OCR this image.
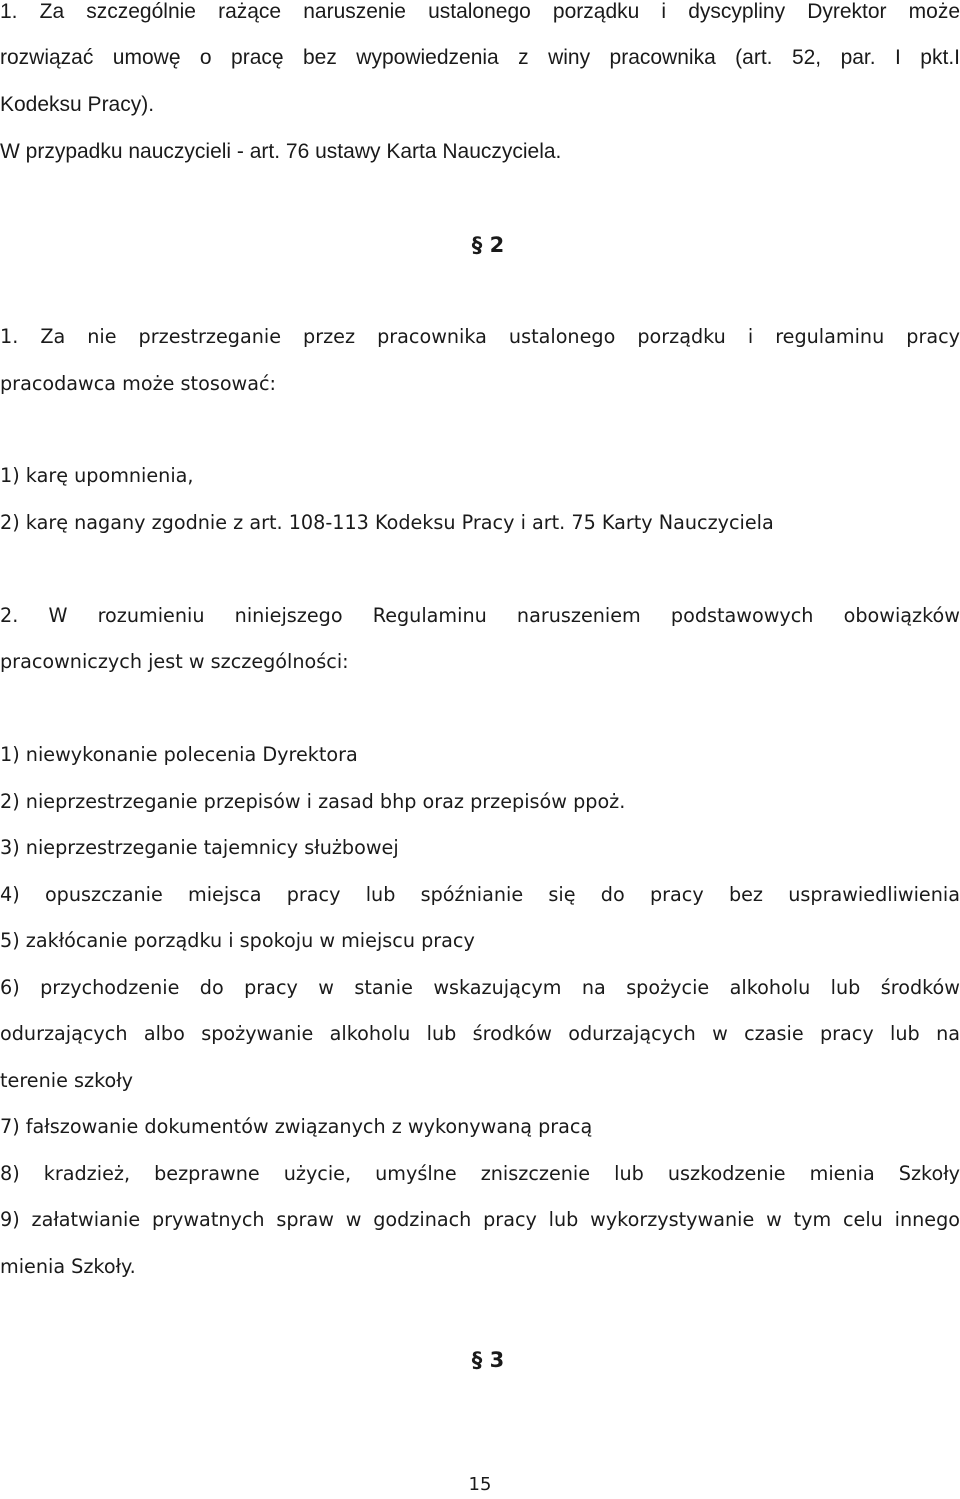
1. Za szczególnie rażące naruszenie ustalonego porządku i dyscypliny Dyrektor może
rozwiązać umowę o pracę bez wypowiedzenia z winy pracownika (art. 52, par. I pkt.I
Kodeksu Pracy).
W przypadku nauczycieli - art. 76 ustawy Karta Nauczyciela.
§ 2
1. Za nie przestrzeganie przez pracownika ustalonego porządku i regulaminu pracy
pracodawca może stosować:
1) karę upomnienia,
2) karę nagany zgodnie z art. 108-113 Kodeksu Pracy i art. 75 Karty Nauczyciela
2. W rozumieniu niniejszego Regulaminu naruszeniem podstawowych obowiązków
pracowniczych jest w szczególności:
1) niewykonanie polecenia Dyrektora
2) nieprzestrzeganie przepisów i zasad bhp oraz przepisów ppoż.
3) nieprzestrzeganie tajemnicy służbowej
4) opuszczanie miejsca pracy lub spóźnianie się do pracy bez usprawiedliwienia
5) zakłócanie porządku i spokoju w miejscu pracy
6) przychodzenie do pracy w stanie wskazującym na spożycie alkoholu lub środków
odurzających albo spożywanie alkoholu lub środków odurzających w czasie pracy lub na
terenie szkoły
7) fałszowanie dokumentów związanych z wykonywaną pracą
8) kradzież, bezprawne użycie, umyślne zniszczenie lub uszkodzenie mienia Szkoły
9) załatwianie prywatnych spraw w godzinach pracy lub wykorzystywanie w tym celu innego
mienia Szkoły.
§ 3
15
